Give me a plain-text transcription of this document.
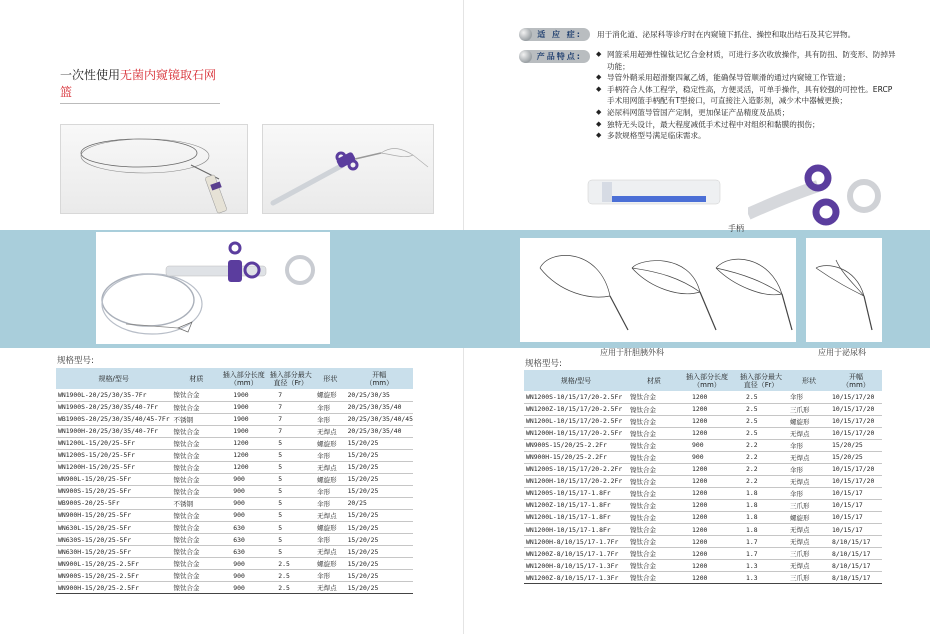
一次性使用无菌内窥镜取石网篮
规格型号:
规格/型号	材质	插入部分长度
（mm）	插入部分最大
直径（Fr）	形状	开幅
（mm）
WN1900L-20/25/30/35-7Fr	镍钛合金	1900	7	螺旋形	20/25/30/35
WN1900S-20/25/30/35/40-7Fr	镍钛合金	1900	7	伞形	20/25/30/35/40
WB1900S-20/25/30/35/40/45-7Fr	不锈钢	1900	7	伞形	20/25/30/35/40/45
WN1900H-20/25/30/35/40-7Fr	镍钛合金	1900	7	无焊点	20/25/30/35/40
WN1200L-15/20/25-5Fr	镍钛合金	1200	5	螺旋形	15/20/25
WN1200S-15/20/25-5Fr	镍钛合金	1200	5	伞形	15/20/25
WN1200H-15/20/25-5Fr	镍钛合金	1200	5	无焊点	15/20/25
WN900L-15/20/25-5Fr	镍钛合金	900	5	螺旋形	15/20/25
WN900S-15/20/25-5Fr	镍钛合金	900	5	伞形	15/20/25
WB900S-20/25-5Fr	不锈钢	900	5	伞形	20/25
WN900H-15/20/25-5Fr	镍钛合金	900	5	无焊点	15/20/25
WN630L-15/20/25-5Fr	镍钛合金	630	5	螺旋形	15/20/25
WN630S-15/20/25-5Fr	镍钛合金	630	5	伞形	15/20/25
WN630H-15/20/25-5Fr	镍钛合金	630	5	无焊点	15/20/25
WN900L-15/20/25-2.5Fr	镍钛合金	900	2.5	螺旋形	15/20/25
WN900S-15/20/25-2.5Fr	镍钛合金	900	2.5	伞形	15/20/25
WN900H-15/20/25-2.5Fr	镍钛合金	900	2.5	无焊点	15/20/25
适 应 症: 用于消化道、泌尿科等诊疗时在内窥镜下抓住、操控和取出结石及其它异物。
产品特点:	◆ 网篮采用超弹性镍钛记忆合金材质，可进行多次收放操作，具有防扭、防变形、防掉异功能；
◆ 导管外鞘采用超滑聚四氟乙烯，能确保导管顺滑的通过内窥镜工作管道；
◆ 手柄符合人体工程学，稳定性高，方便灵活，可单手操作，具有较强的可控性。ERCP手术用网篮手柄配有T型接口，可直接注入造影剂，减少术中器械更换；
◆ 泌尿科网篮导管国产定制，更加保证产品精度及品质；
◆ 独特无头设计，最大程度减低手术过程中对组织和黏膜的损伤；
◆ 多款规格型号满足临床需求。
手柄
应用于肝胆胰外科	应用于泌尿科
规格型号:
规格/型号	材质	插入部分长度
（mm）	插入部分最大
直径（Fr）	形状	开幅
（mm）
WN1200S-10/15/17/20-2.5Fr	镍钛合金	1200	2.5	伞形	10/15/17/20
WN1200Z-10/15/17/20-2.5Fr	镍钛合金	1200	2.5	三爪形	10/15/17/20
WN1200L-10/15/17/20-2.5Fr	镍钛合金	1200	2.5	螺旋形	10/15/17/20
WN1200H-10/15/17/20-2.5Fr	镍钛合金	1200	2.5	无焊点	10/15/17/20
WN900S-15/20/25-2.2Fr	镍钛合金	900	2.2	伞形	15/20/25
WN900H-15/20/25-2.2Fr	镍钛合金	900	2.2	无焊点	15/20/25
WN1200S-10/15/17/20-2.2Fr	镍钛合金	1200	2.2	伞形	10/15/17/20
WN1200H-10/15/17/20-2.2Fr	镍钛合金	1200	2.2	无焊点	10/15/17/20
WN1200S-10/15/17-1.8Fr	镍钛合金	1200	1.8	伞形	10/15/17
WN1200Z-10/15/17-1.8Fr	镍钛合金	1200	1.8	三爪形	10/15/17
WN1200L-10/15/17-1.8Fr	镍钛合金	1200	1.8	螺旋形	10/15/17
WN1200H-10/15/17-1.8Fr	镍钛合金	1200	1.8	无焊点	10/15/17
WN1200H-8/10/15/17-1.7Fr	镍钛合金	1200	1.7	无焊点	8/10/15/17
WN1200Z-8/10/15/17-1.7Fr	镍钛合金	1200	1.7	三爪形	8/10/15/17
WN1200H-8/10/15/17-1.3Fr	镍钛合金	1200	1.3	无焊点	8/10/15/17
WN1200Z-8/10/15/17-1.3Fr	镍钛合金	1200	1.3	三爪形	8/10/15/17
